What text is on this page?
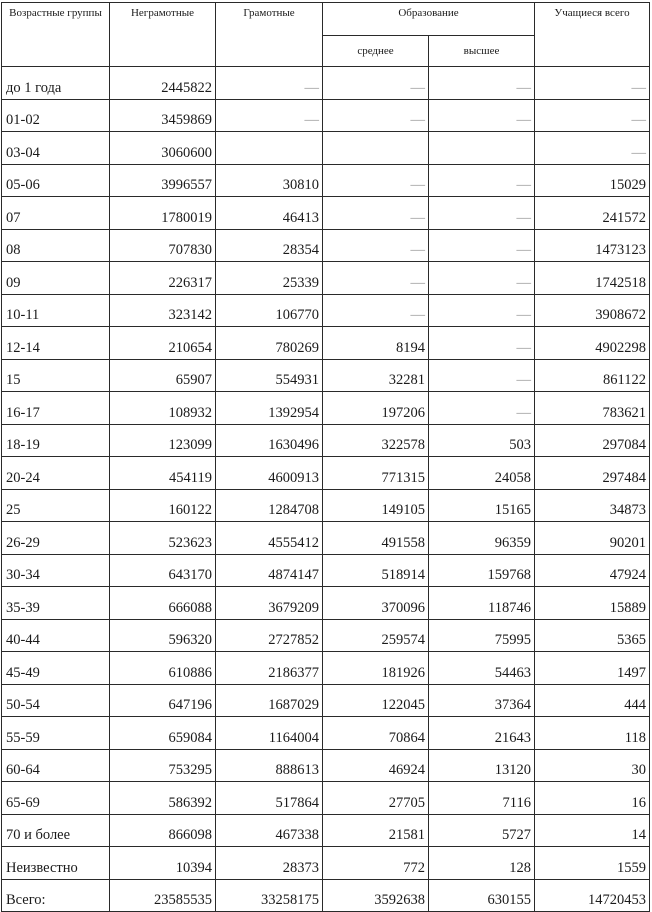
Возрастные группы	Неграмотные	Грамотные	Образование		Учащиеся всего
			среднее	высшее	
до 1 года	2445822	—	—	—	—
01-02	3459869	—	—	—	—
03-04	3060600				—
05-06	3996557	30810	—	—	15029
07	1780019	46413	—	—	241572
08	707830	28354	—	—	1473123
09	226317	25339	—	—	1742518
10-11	323142	106770	—	—	3908672
12-14	210654	780269	8194	—	4902298
15	65907	554931	32281	—	861122
16-17	108932	1392954	197206	—	783621
18-19	123099	1630496	322578	503	297084
20-24	454119	4600913	771315	24058	297484
25	160122	1284708	149105	15165	34873
26-29	523623	4555412	491558	96359	90201
30-34	643170	4874147	518914	159768	47924
35-39	666088	3679209	370096	118746	15889
40-44	596320	2727852	259574	75995	5365
45-49	610886	2186377	181926	54463	1497
50-54	647196	1687029	122045	37364	444
55-59	659084	1164004	70864	21643	118
60-64	753295	888613	46924	13120	30
65-69	586392	517864	27705	7116	16
70 и более	866098	467338	21581	5727	14
Неизвестно	10394	28373	772	128	1559
Всего:	23585535	33258175	3592638	630155	14720453
